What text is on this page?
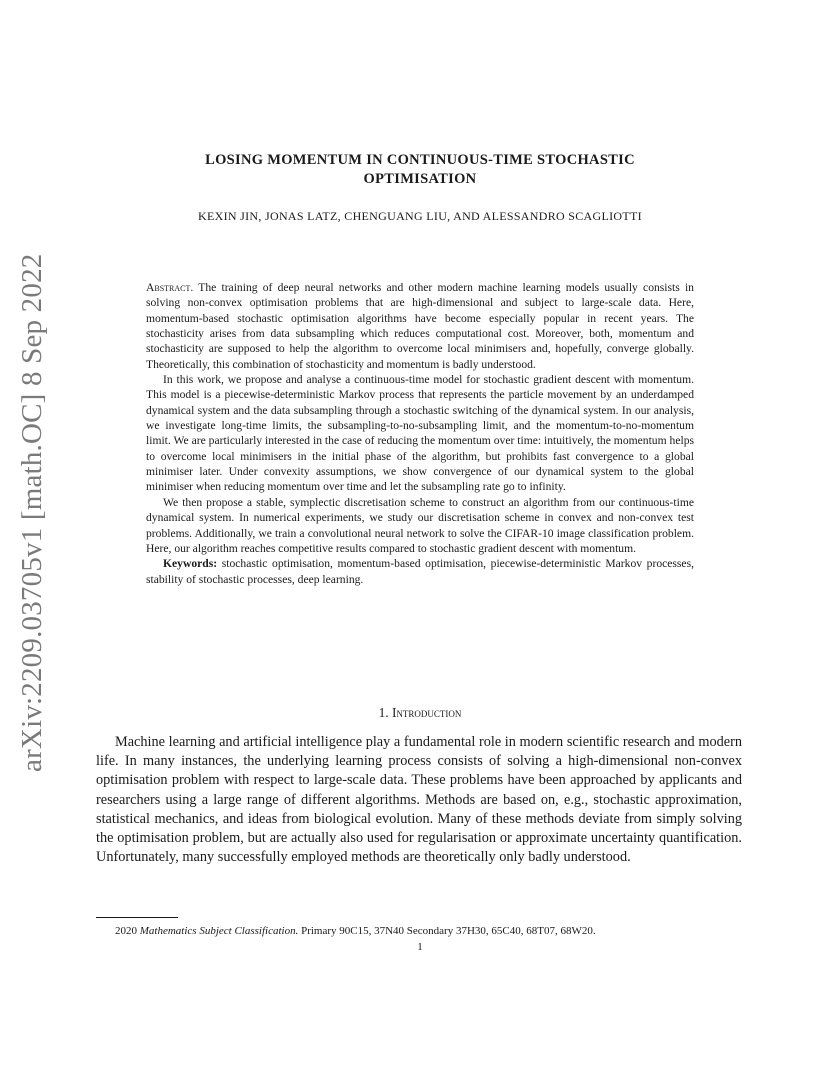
arXiv:2209.03705v1 [math.OC] 8 Sep 2022
LOSING MOMENTUM IN CONTINUOUS-TIME STOCHASTIC
OPTIMISATION
KEXIN JIN, JONAS LATZ, CHENGUANG LIU, AND ALESSANDRO SCAGLIOTTI

Abstract. The training of deep neural networks and other modern machine learning models usually consists in solving non-convex optimisation problems that are high-dimensional and subject to large-scale data. Here, momentum-based stochastic optimisation algorithms have become especially popular in recent years. The stochasticity arises from data subsampling which reduces computational cost. Moreover, both, momentum and stochasticity are supposed to help the algorithm to overcome local minimisers and, hopefully, converge globally. Theoretically, this combination of stochasticity and momentum is badly understood.

In this work, we propose and analyse a continuous-time model for stochastic gradient descent with momentum. This model is a piecewise-deterministic Markov process that represents the particle movement by an underdamped dynamical system and the data subsampling through a stochastic switching of the dynamical system. In our analysis, we investigate long-time limits, the subsampling-to-no-subsampling limit, and the momentum-to-no-momentum limit. We are particularly interested in the case of reducing the momentum over time: intuitively, the momentum helps to overcome local minimisers in the initial phase of the algorithm, but prohibits fast convergence to a global minimiser later. Under convexity assumptions, we show convergence of our dynamical system to the global minimiser when reducing momentum over time and let the subsampling rate go to infinity.

We then propose a stable, symplectic discretisation scheme to construct an algorithm from our continuous-time dynamical system. In numerical experiments, we study our discretisation scheme in convex and non-convex test problems. Additionally, we train a convolutional neural network to solve the CIFAR-10 image classification problem. Here, our algorithm reaches competitive results compared to stochastic gradient descent with momentum.

Keywords: stochastic optimisation, momentum-based optimisation, piecewise-deterministic Markov processes, stability of stochastic processes, deep learning.

1. Introduction

Machine learning and artificial intelligence play a fundamental role in modern scientific research and modern life. In many instances, the underlying learning process consists of solving a high-dimensional non-convex optimisation problem with respect to large-scale data. These problems have been approached by applicants and researchers using a large range of different algorithms. Methods are based on, e.g., stochastic approximation, statistical mechanics, and ideas from biological evolution. Many of these methods deviate from simply solving the optimisation problem, but are actually also used for regularisation or approximate uncertainty quantification. Unfortunately, many successfully employed methods are theoretically only badly understood.

2020 Mathematics Subject Classification. Primary 90C15, 37N40 Secondary 37H30, 65C40, 68T07, 68W20.
1
